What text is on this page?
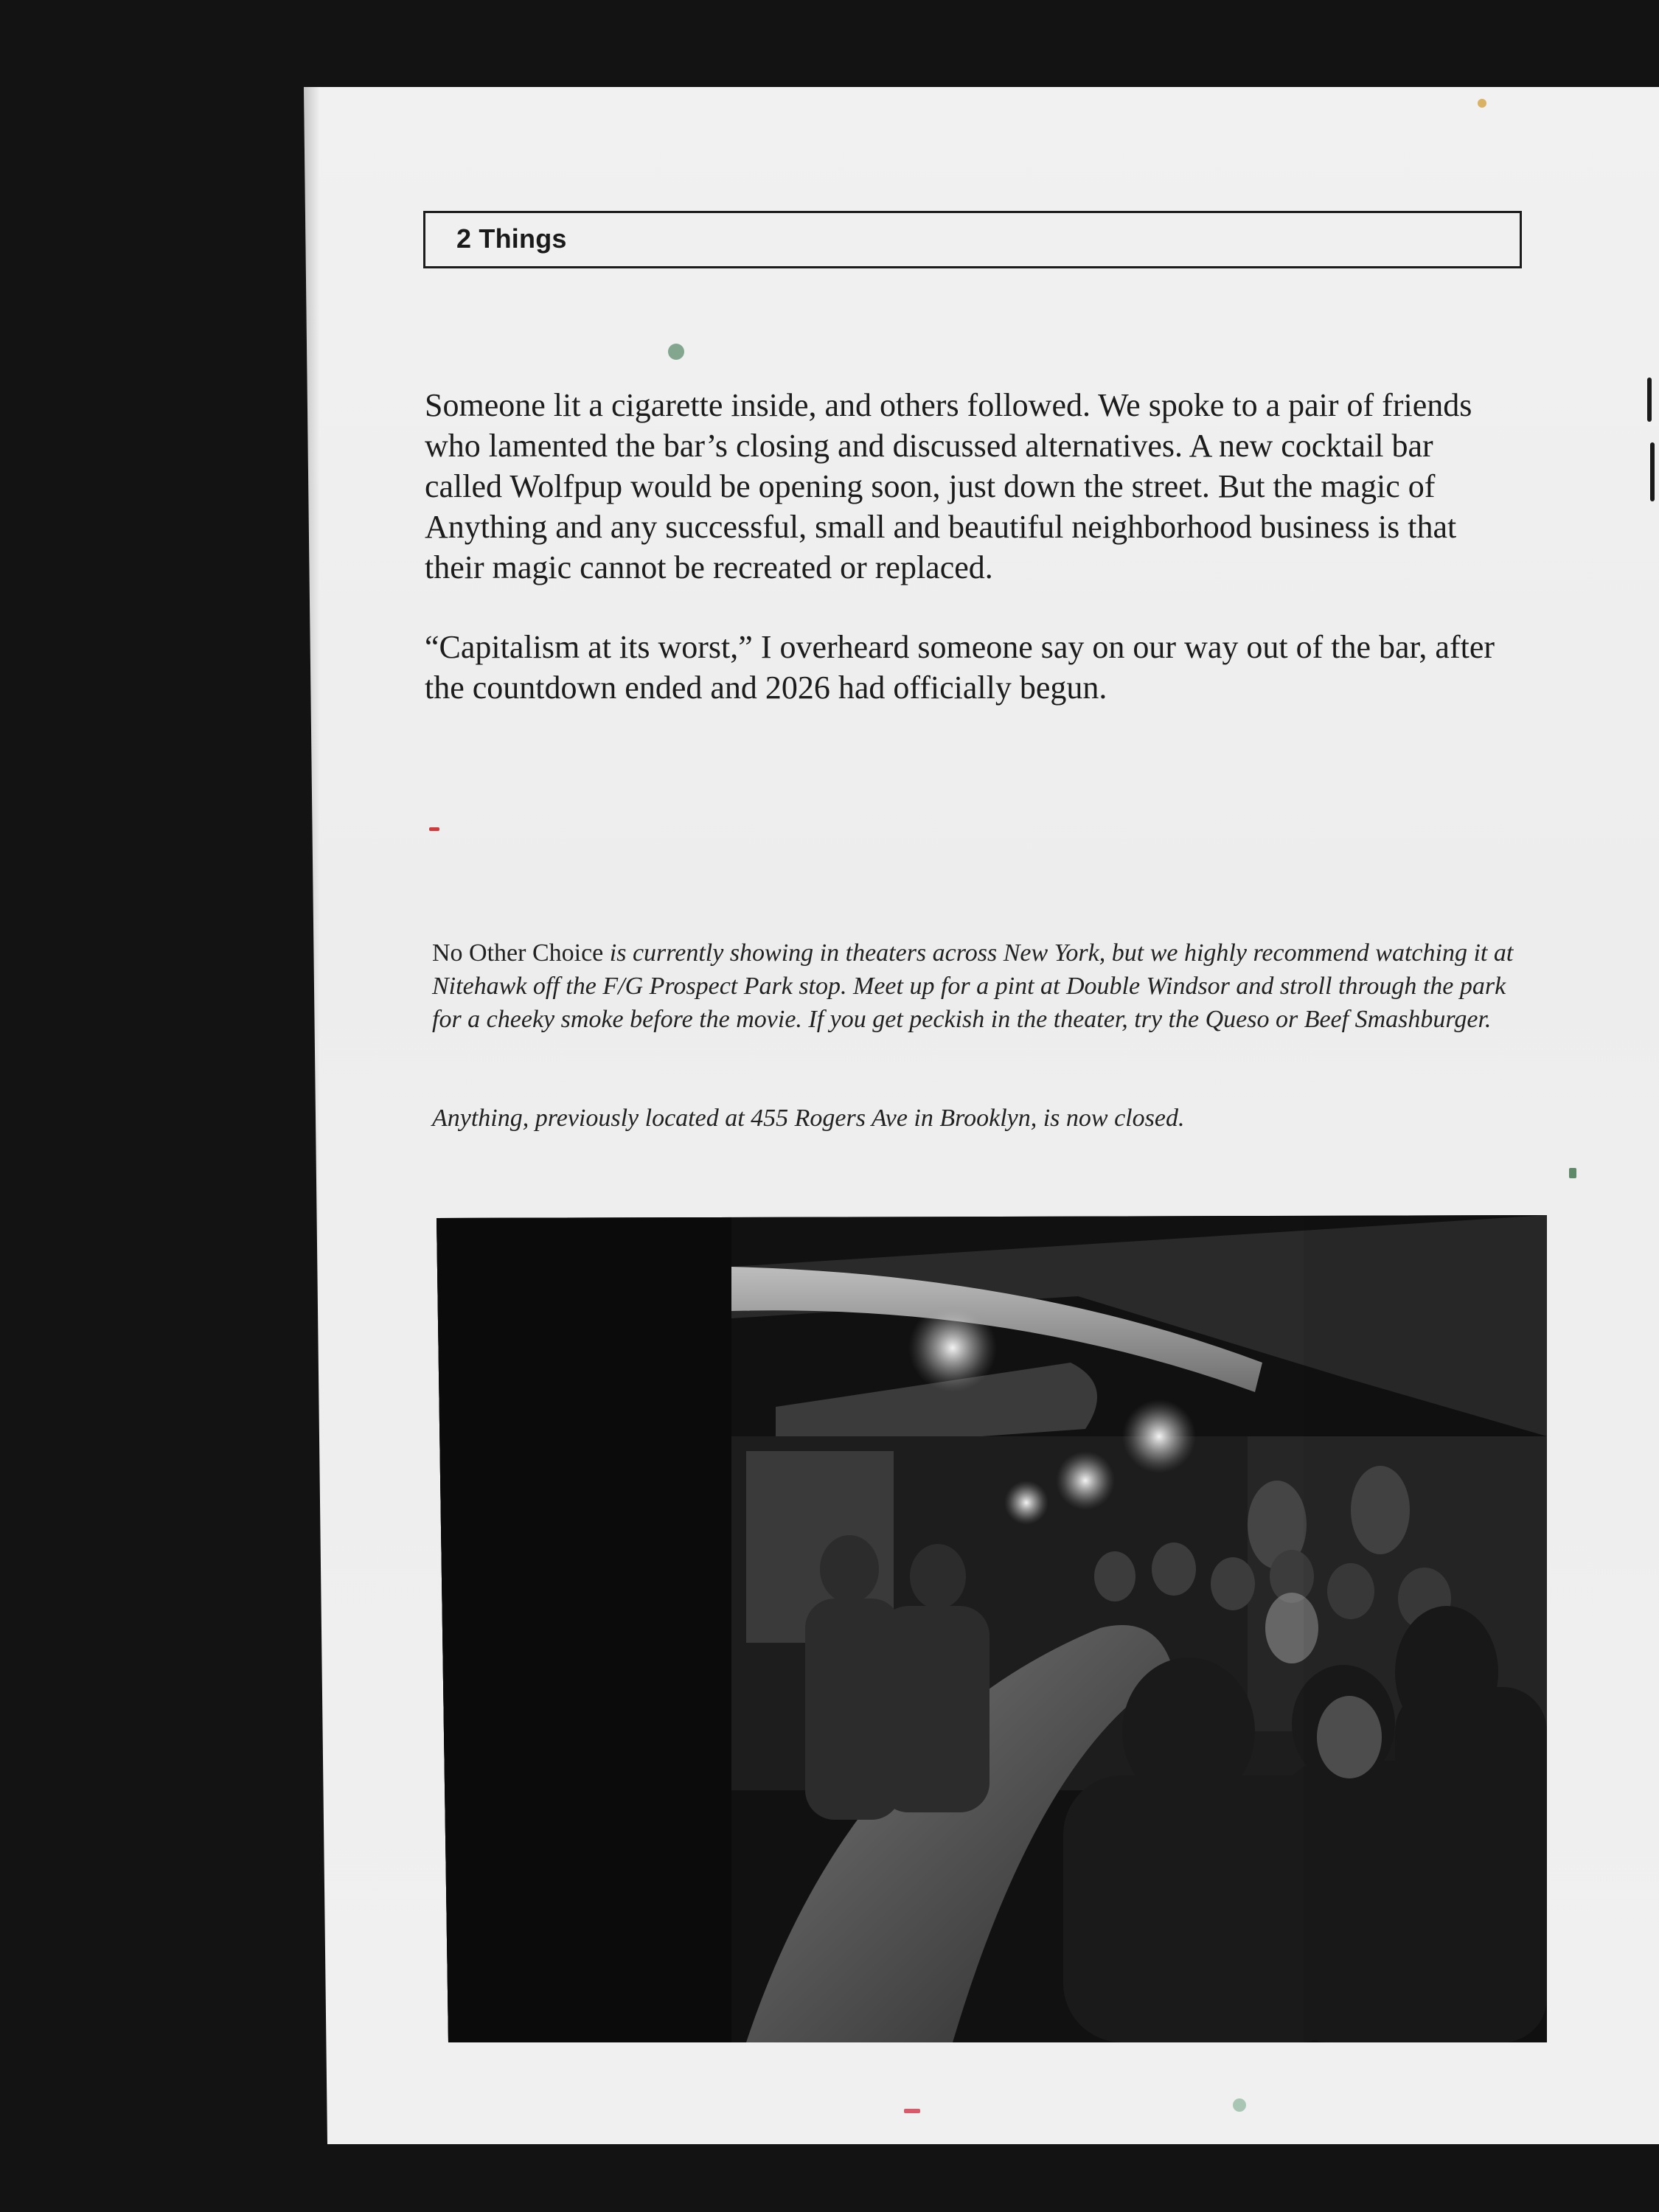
2 Things

Someone lit a cigarette inside, and others followed. We spoke to a pair of friends who lamented the bar’s closing and discussed alternatives. A new cocktail bar called Wolfpup would be opening soon, just down the street. But the magic of Anything and any successful, small and beautiful neighborhood business is that their magic cannot be recreated or replaced.

“Capitalism at its worst,” I overheard someone say on our way out of the bar, after the countdown ended and 2026 had officially begun.

No Other Choice is currently showing in theaters across New York, but we highly recommend watching it at Nitehawk off the F/G Prospect Park stop. Meet up for a pint at Double Windsor and stroll through the park for a cheeky smoke before the movie. If you get peckish in the theater, try the Queso or Beef Smashburger.

Anything, previously located at 455 Rogers Ave in Brooklyn, is now closed.
